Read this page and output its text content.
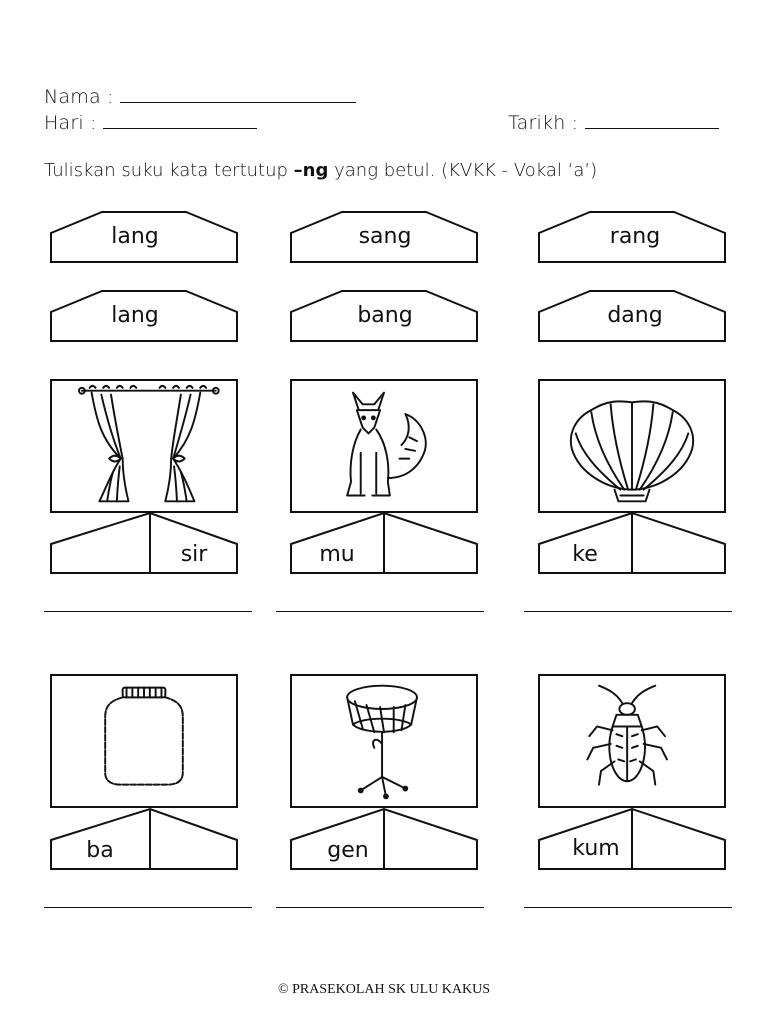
Nama :
Hari :	Tarikh :
Tuliskan suku kata tertutup –ng yang betul. (KVKK - Vokal ‘a’)
lang	sang	rang
lang	bang	dang
sir	mu	ke
ba	gen	kum
© PRASEKOLAH SK ULU KAKUS
